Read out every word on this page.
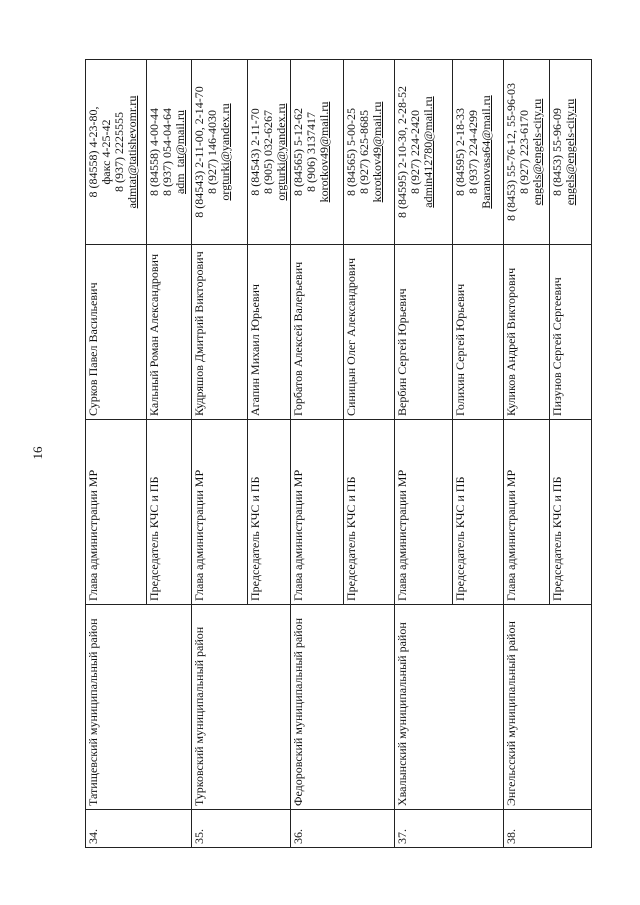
16
34.	Татищевский муниципальный район	Глава администрации МР	Сурков Павел Васильевич	8 (84558) 4-23-80, факс 4-25-42 8 (937) 2225555 admtat@tatishevomr.ru

		Председатель КЧС и ПБ	Кальный Роман Александрович	8 (84558) 4-00-44 8 (937) 054-04-64 adm_tat@mail.ru

35.	Турковский муниципальный район	Глава администрации МР	Кудряшов Дмитрий Викторович	8 (84543) 2-11-00, 2-14-70 8 (927) 146-4030 orgturki@yandex.ru

		Председатель КЧС и ПБ	Агапин Михаил Юрьевич	8 (84543) 2-11-70 8 (905) 032-6267 orgturki@yandex.ru

36.	Федоровский муниципальный район	Глава администрации МР	Горбатов Алексей Валерьевич	8 (84565) 5-12-62 8 (906) 3137417 korotkov49@mail.ru

		Председатель КЧС и ПБ	Синицын Олег Александрович	8 (84565) 5-00-25 8 (927) 625-8685 korotkov49@mail.ru

37.	Хвалынский муниципальный район	Глава администрации МР	Вербин Сергей Юрьевич	8 (84595) 2-10-30, 2-28-52 8 (927) 224-2420 admin412780@mail.ru

		Председатель КЧС и ПБ	Голихин Сергей Юрьевич	8 (84595) 2-18-33 8 (937) 224-4299 Baranovasa64@mail.ru

38.	Энгельсский муниципальный район	Глава администрации МР	Куликов Андрей Викторович	8 (8453) 55-76-12, 55-96-03 8 (927) 223-6170 engels@engels-city.ru

		Председатель КЧС и ПБ	Пизунов Сергей Сергеевич	8 (8453) 55-96-09 engels@engels-city.ru
